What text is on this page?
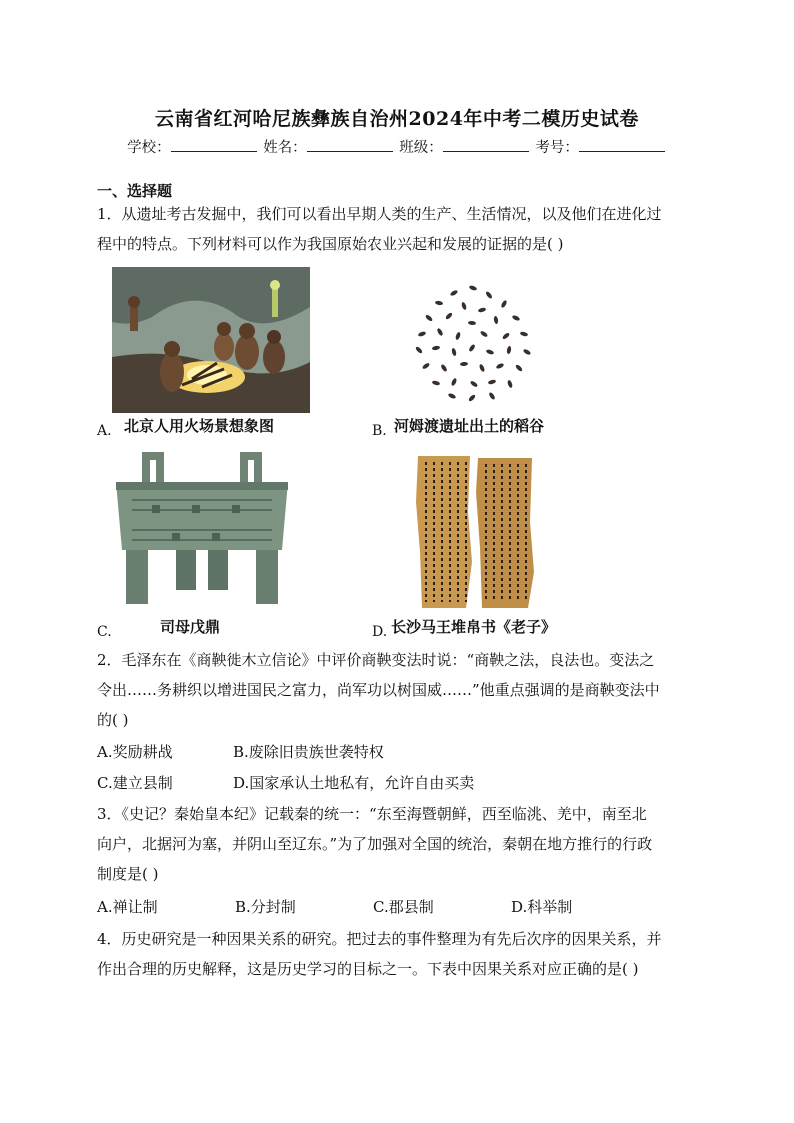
云南省红河哈尼族彝族自治州2024年中考二模历史试卷
学校：	姓名：	班级：	考号：
一、选择题
1．从遗址考古发掘中，我们可以看出早期人类的生产、生活情况，以及他们在进化过
程中的特点。下列材料可以作为我国原始农业兴起和发展的证据的是( )
A. 北京人用火场景想象图	B. 河姆渡遗址出土的稻谷
C.	司母戊鼎	D. 长沙马王堆帛书《老子》
2．毛泽东在《商鞅徙木立信论》中评价商鞅变法时说：“商鞅之法，良法也。变法之
令出……务耕织以增进国民之富力，尚军功以树国威……”他重点强调的是商鞅变法中
的( )
A.奖励耕战	B.废除旧贵族世袭特权
C.建立县制	D.国家承认土地私有，允许自由买卖
3．《史记？秦始皇本纪》记载秦的统一：“东至海暨朝鲜，西至临洮、羌中，南至北
向户，北据河为塞，并阴山至辽东。”为了加强对全国的统治，秦朝在地方推行的行政
制度是( )
A.禅让制	B.分封制	C.郡县制	D.科举制
4．历史研究是一种因果关系的研究。把过去的事件整理为有先后次序的因果关系，并
作出合理的历史解释，这是历史学习的目标之一。下表中因果关系对应正确的是( )
